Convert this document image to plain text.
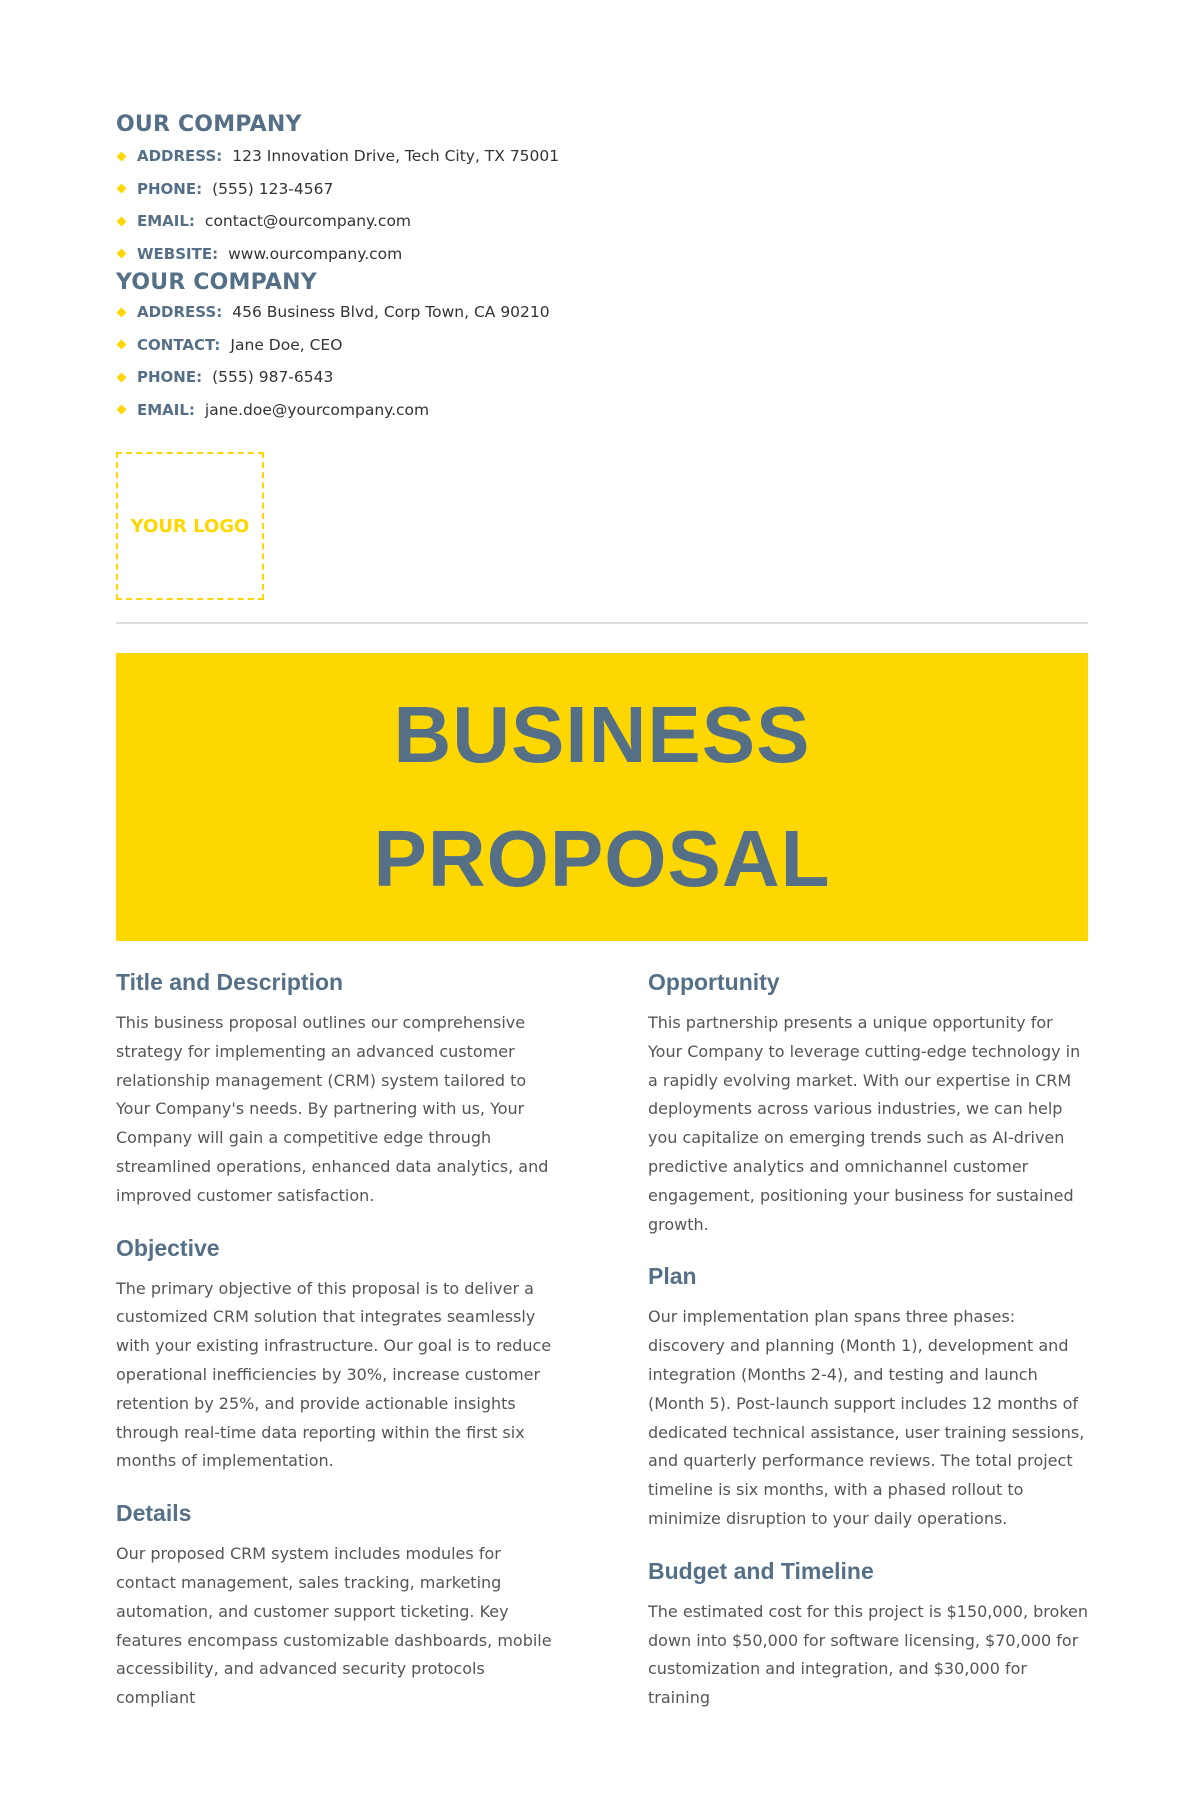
OUR COMPANY
ADDRESS: 123 Innovation Drive, Tech City, TX 75001
PHONE: (555) 123-4567
EMAIL: contact@ourcompany.com
WEBSITE: www.ourcompany.com
YOUR COMPANY
ADDRESS: 456 Business Blvd, Corp Town, CA 90210
CONTACT: Jane Doe, CEO
PHONE: (555) 987-6543
EMAIL: jane.doe@yourcompany.com
YOUR LOGO
BUSINESS PROPOSAL
Title and Description

This business proposal outlines our comprehensive strategy for implementing an advanced customer relationship management (CRM) system tailored to Your Company's needs. By partnering with us, Your Company will gain a competitive edge through streamlined operations, enhanced data analytics, and improved customer satisfaction.

Objective

The primary objective of this proposal is to deliver a customized CRM solution that integrates seamlessly with your existing infrastructure. Our goal is to reduce operational inefficiencies by 30%, increase customer retention by 25%, and provide actionable insights through real-time data reporting within the first six months of implementation.

Details

Our proposed CRM system includes modules for contact management, sales tracking, marketing automation, and customer support ticketing. Key features encompass customizable dashboards, mobile accessibility, and advanced security protocols compliant

Opportunity

This partnership presents a unique opportunity for Your Company to leverage cutting-edge technology in a rapidly evolving market. With our expertise in CRM deployments across various industries, we can help you capitalize on emerging trends such as AI-driven predictive analytics and omnichannel customer engagement, positioning your business for sustained growth.

Plan

Our implementation plan spans three phases: discovery and planning (Month 1), development and integration (Months 2-4), and testing and launch (Month 5). Post-launch support includes 12 months of dedicated technical assistance, user training sessions, and quarterly performance reviews. The total project timeline is six months, with a phased rollout to minimize disruption to your daily operations.

Budget and Timeline

The estimated cost for this project is $150,000, broken down into $50,000 for software licensing, $70,000 for customization and integration, and $30,000 for training
